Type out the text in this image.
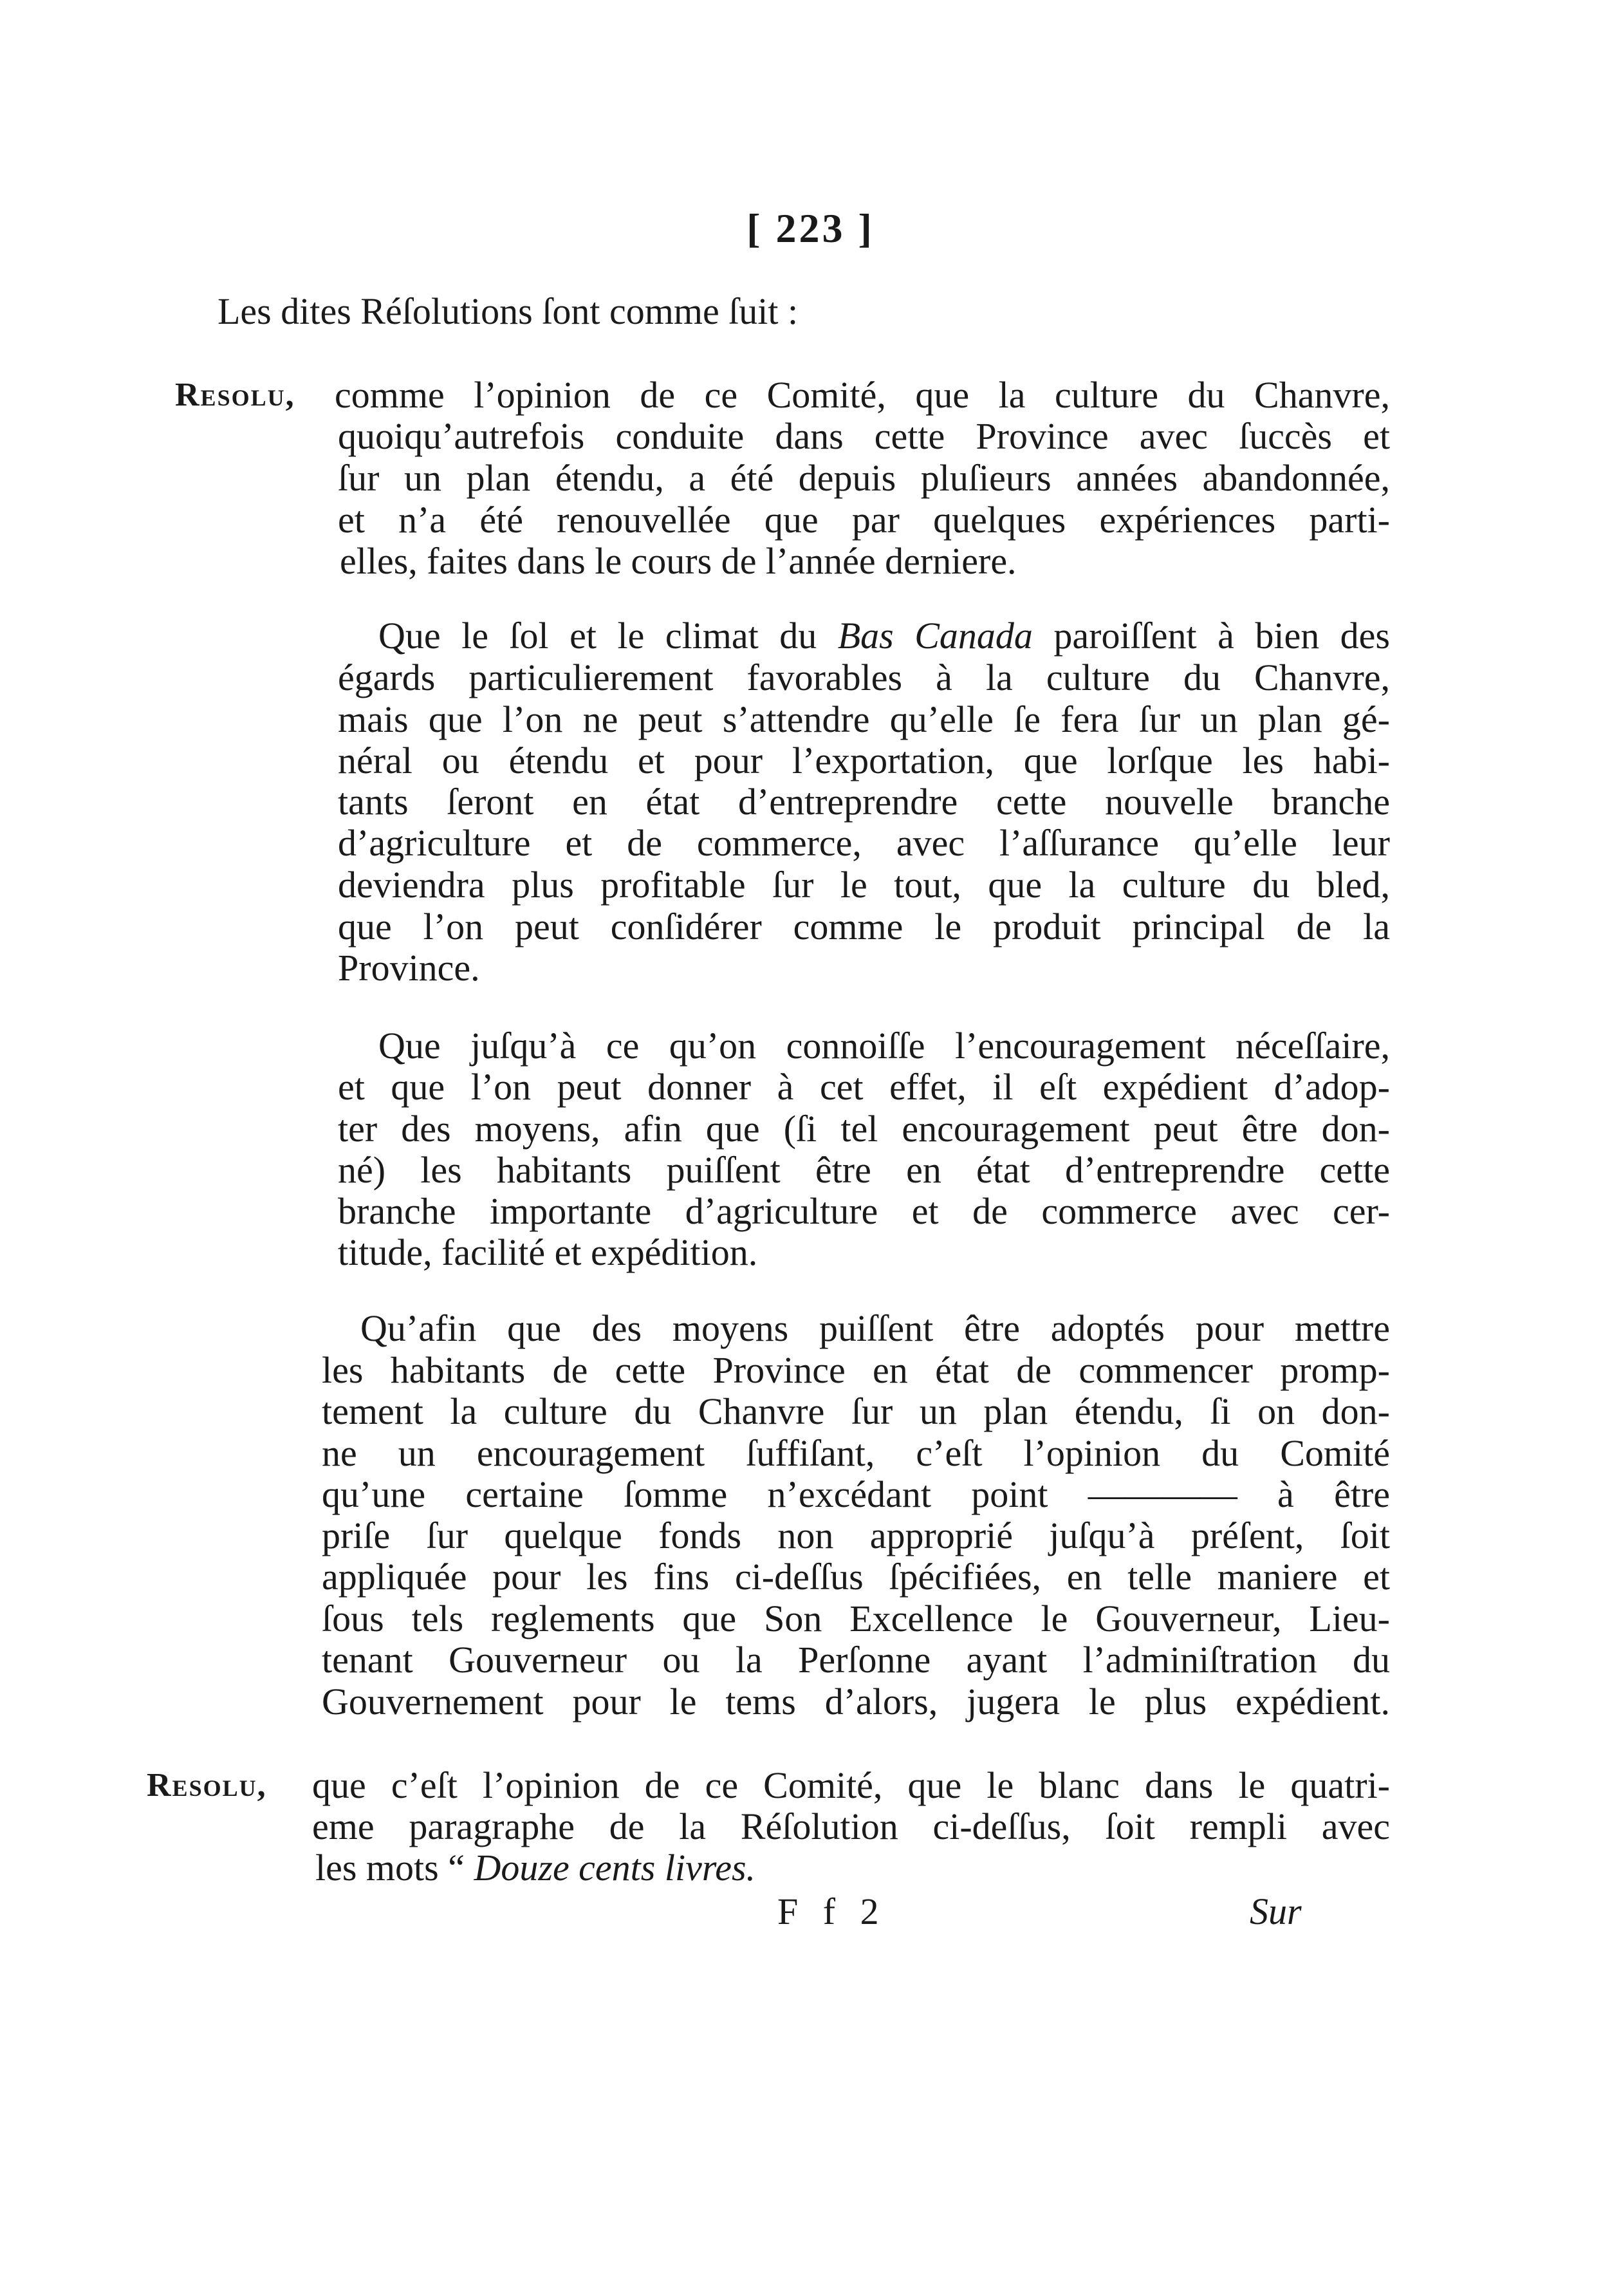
[ 223 ]
Les dites Réſolutions ſont comme ſuit :
Resolu, comme l’opinion de ce Comité, que la culture du Chanvre,
quoiqu’autrefois conduite dans cette Province avec ſuccès et
ſur un plan étendu, a été depuis pluſieurs années abandonnée,
et n’a été renouvellée que par quelques expériences parti-
elles, faites dans le cours de l’année derniere.
Que le ſol et le climat du Bas Canada paroiſſent à bien des
égards particulierement favorables à la culture du Chanvre,
mais que l’on ne peut s’attendre qu’elle ſe fera ſur un plan gé-
néral ou étendu et pour l’exportation, que lorſque les habi-
tants ſeront en état d’entreprendre cette nouvelle branche
d’agriculture et de commerce, avec l’aſſurance qu’elle leur
deviendra plus profitable ſur le tout, que la culture du bled,
que l’on peut conſidérer comme le produit principal de la
Province.
Que juſqu’à ce qu’on connoiſſe l’encouragement néceſſaire,
et que l’on peut donner à cet effet, il eſt expédient d’adop-
ter des moyens, afin que (ſi tel encouragement peut être don-
né) les habitants puiſſent être en état d’entreprendre cette
branche importante d’agriculture et de commerce avec cer-
titude, facilité et expédition.
Qu’afin que des moyens puiſſent être adoptés pour mettre
les habitants de cette Province en état de commencer promp-
tement la culture du Chanvre ſur un plan étendu, ſi on don-
ne un encouragement ſuffiſant, c’eſt l’opinion du Comité
qu’une certaine ſomme n’excédant point ———— à être
priſe ſur quelque fonds non approprié juſqu’à préſent, ſoit
appliquée pour les fins ci-deſſus ſpécifiées, en telle maniere et
ſous tels reglements que Son Excellence le Gouverneur, Lieu-
tenant Gouverneur ou la Perſonne ayant l’adminiſtration du
Gouvernement pour le tems d’alors, jugera le plus expédient.
Resolu, que c’eſt l’opinion de ce Comité, que le blanc dans le quatri-
eme paragraphe de la Réſolution ci-deſſus, ſoit rempli avec
les mots “ Douze cents livres.
F f 2	Sur
